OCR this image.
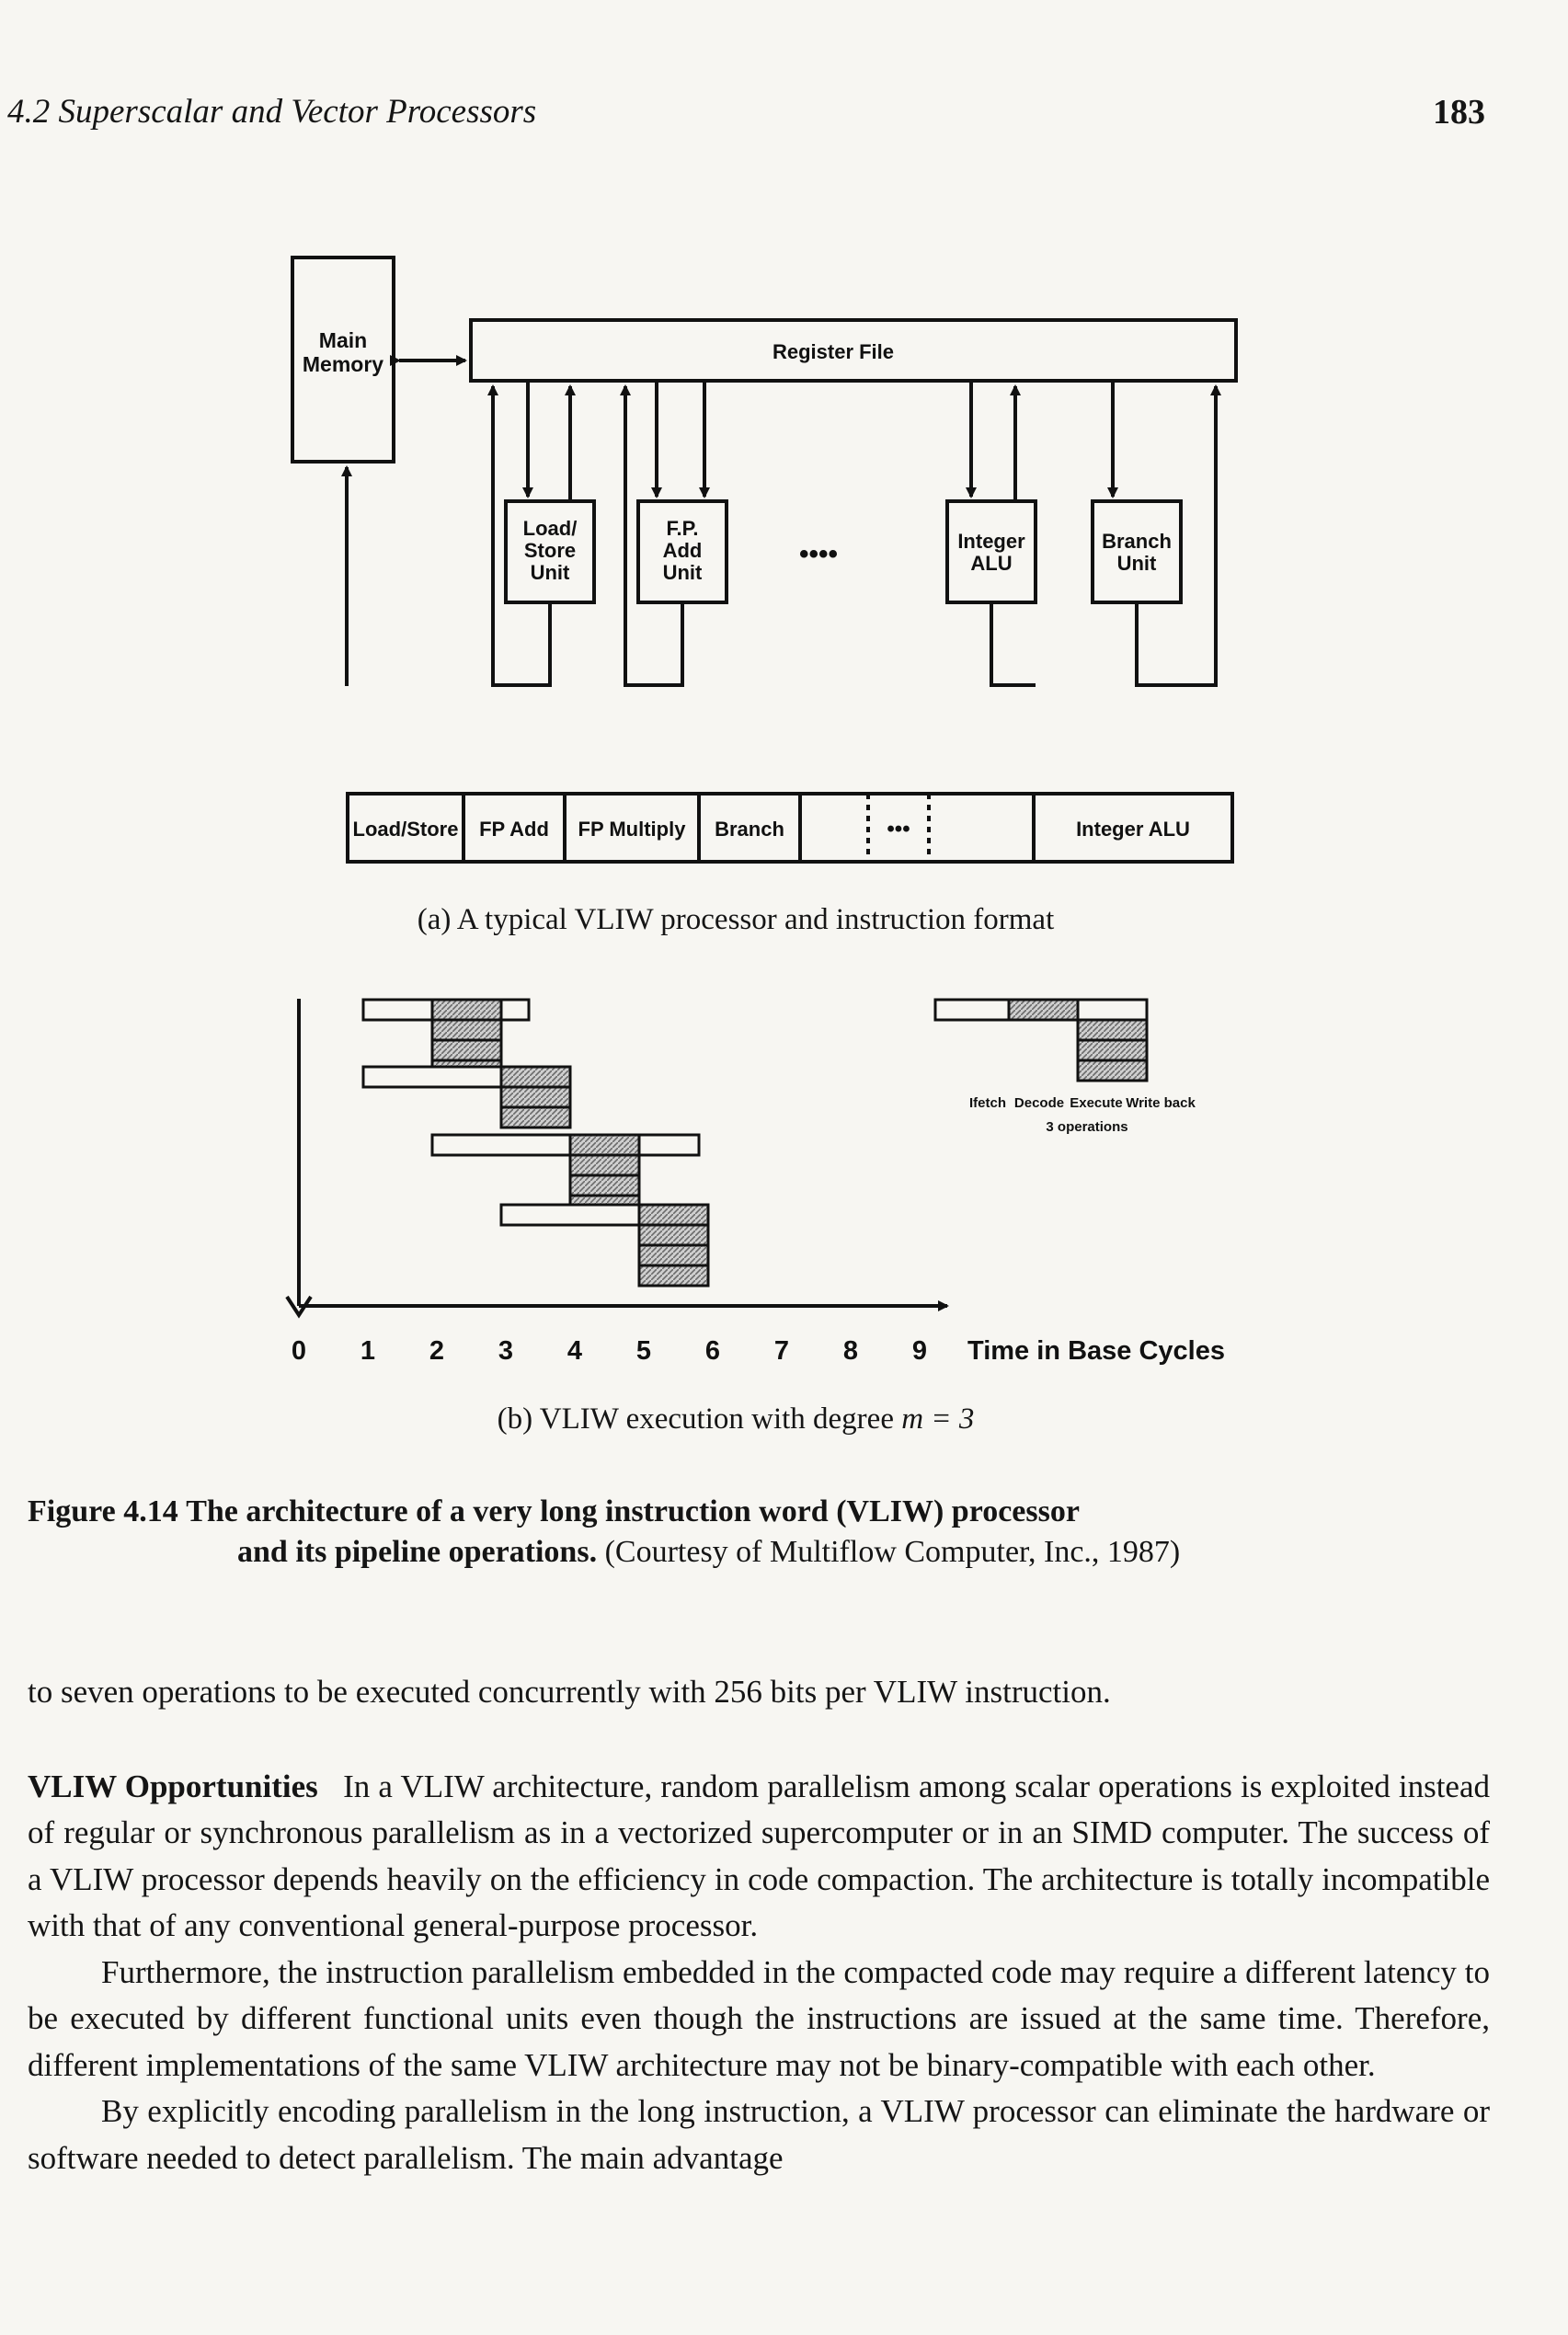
4.2 Superscalar and Vector Processors	183
Main
Memory
Register File
Load/
Store
Unit
F.P.
Add
Unit
••••	Integer
ALU
Branch
Unit
Load/Store FP Add FP Multiply Branch	•••	Integer ALU
Ifetch Decode Execute Write back
3 operations
0 1 2 3 4 5 6 7 8 9 Time in Base Cycles
(a) A typical VLIW processor and instruction format
(b) VLIW execution with degree m = 3
Figure 4.14 The architecture of a very long instruction word (VLIW) processor
and its pipeline operations. (Courtesy of Multiflow Computer, Inc., 1987)

to seven operations to be executed concurrently with 256 bits per VLIW instruction.

VLIW Opportunities In a VLIW architecture, random parallelism among scalar operations is exploited instead of regular or synchronous parallelism as in a vectorized supercomputer or in an SIMD computer. The success of a VLIW processor depends heavily on the efficiency in code compaction. The architecture is totally incompatible with that of any conventional general-purpose processor.

Furthermore, the instruction parallelism embedded in the compacted code may require a different latency to be executed by different functional units even though the instructions are issued at the same time. Therefore, different implementations of the same VLIW architecture may not be binary-compatible with each other.

By explicitly encoding parallelism in the long instruction, a VLIW processor can eliminate the hardware or software needed to detect parallelism. The main advantage
